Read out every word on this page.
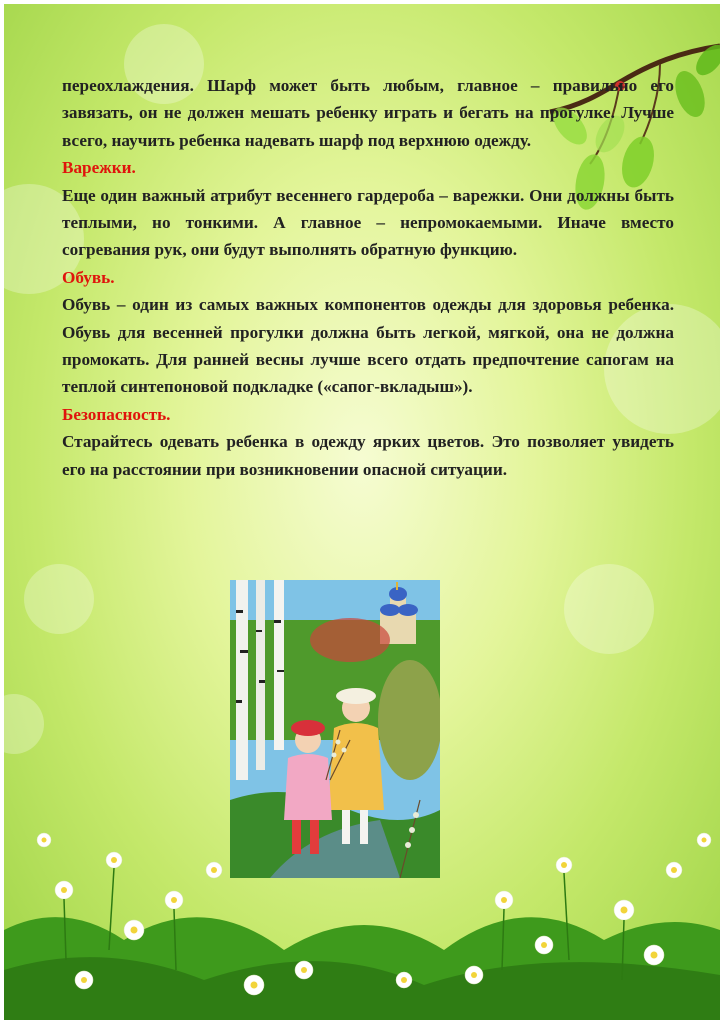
переохлаждения. Шарф может быть любым, главное – правильно его завязать, он не должен мешать ребенку играть и бегать на прогулке. Лучше всего, научить ребенка надевать шарф под верхнюю одежду.

Варежки.

Еще один важный атрибут весеннего гардероба – варежки. Они должны быть теплыми, но тонкими. А главное – непромокаемыми. Иначе вместо согревания рук, они будут выполнять обратную функцию.

Обувь.

Обувь – один из самых важных компонентов одежды для здоровья ребенка. Обувь для весенней прогулки должна быть легкой, мягкой, она не должна промокать. Для ранней весны лучше всего отдать предпочтение сапогам на теплой синтепоновой подкладке («сапог-вкладыш»).

Безопасность.

Старайтесь одевать ребенка в одежду ярких цветов. Это позволяет увидеть его на расстоянии при возникновении опасной ситуации.
